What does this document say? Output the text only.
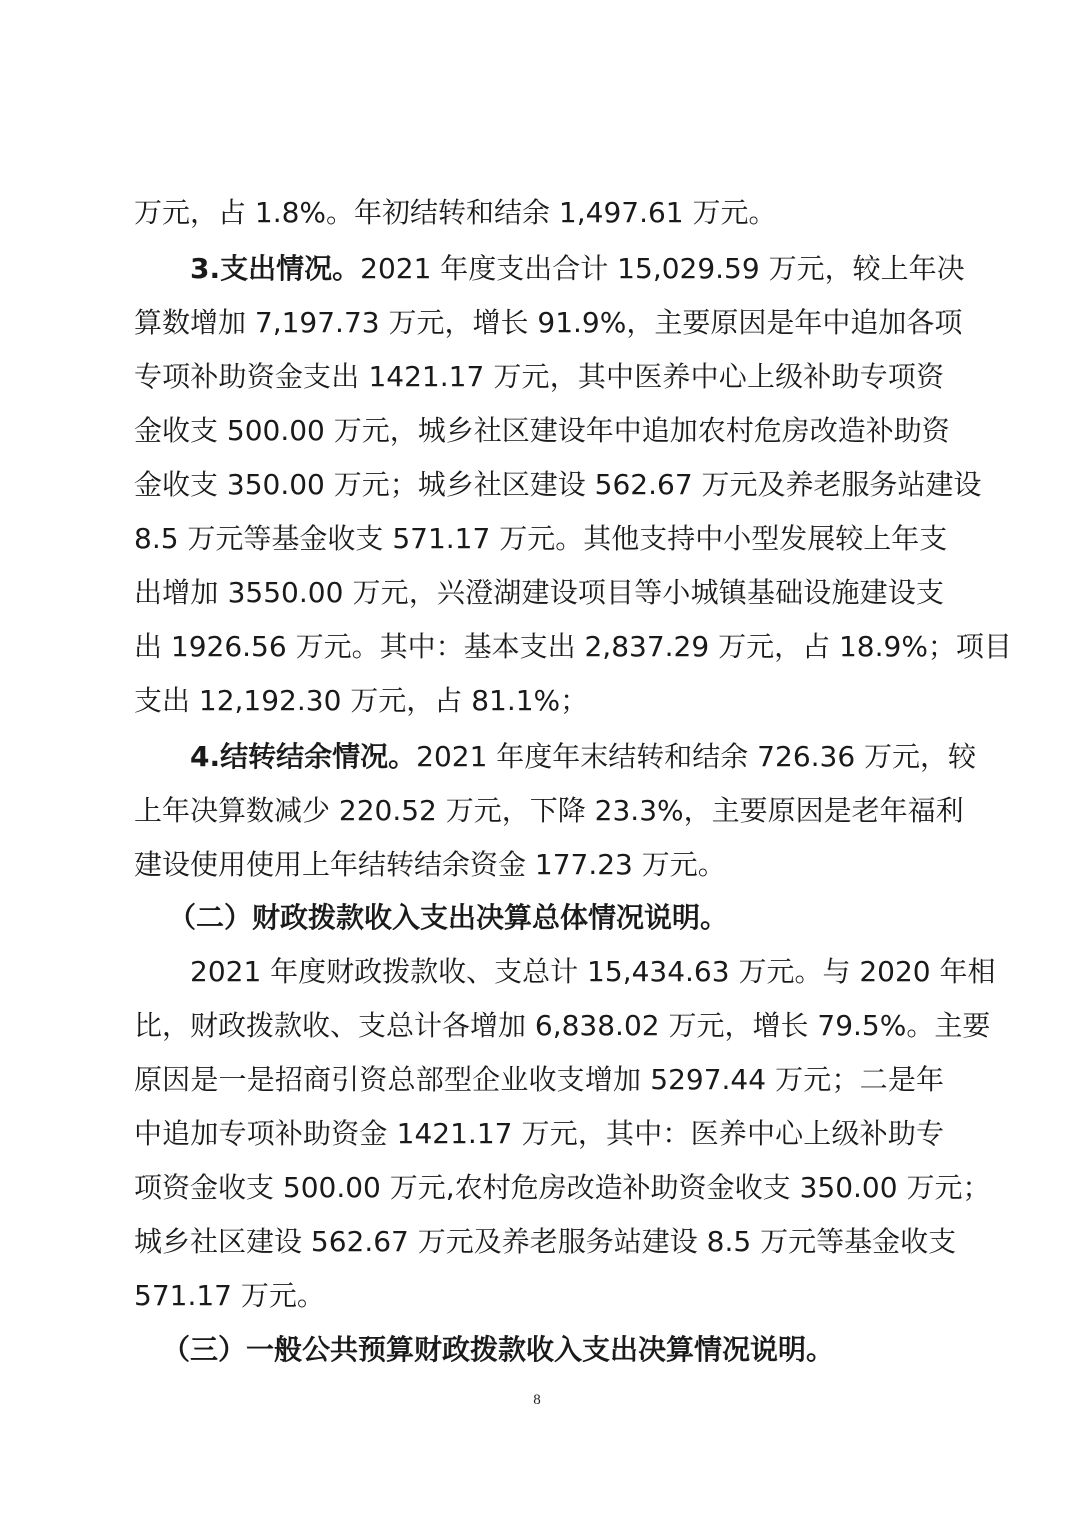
万元，占 1.8%。年初结转和结余 1,497.61 万元。
3.支出情况。2021 年度支出合计 15,029.59 万元，较上年决
算数增加 7,197.73 万元，增长 91.9%，主要原因是年中追加各项
专项补助资金支出 1421.17 万元，其中医养中心上级补助专项资
金收支 500.00 万元，城乡社区建设年中追加农村危房改造补助资
金收支 350.00 万元；城乡社区建设 562.67 万元及养老服务站建设
8.5 万元等基金收支 571.17 万元。其他支持中小型发展较上年支
出增加 3550.00 万元，兴澄湖建设项目等小城镇基础设施建设支
出 1926.56 万元。其中：基本支出 2,837.29 万元，占 18.9%；项目
支出 12,192.30 万元，占 81.1%；
4.结转结余情况。2021 年度年末结转和结余 726.36 万元，较
上年决算数减少 220.52 万元，下降 23.3%，主要原因是老年福利
建设使用使用上年结转结余资金 177.23 万元。
（二）财政拨款收入支出决算总体情况说明。
2021 年度财政拨款收、支总计 15,434.63 万元。与 2020 年相
比，财政拨款收、支总计各增加 6,838.02 万元，增长 79.5%。主要
原因是一是招商引资总部型企业收支增加 5297.44 万元；二是年
中追加专项补助资金 1421.17 万元，其中：医养中心上级补助专
项资金收支 500.00 万元,农村危房改造补助资金收支 350.00 万元；
城乡社区建设 562.67 万元及养老服务站建设 8.5 万元等基金收支
571.17 万元。
（三）一般公共预算财政拨款收入支出决算情况说明。
8
